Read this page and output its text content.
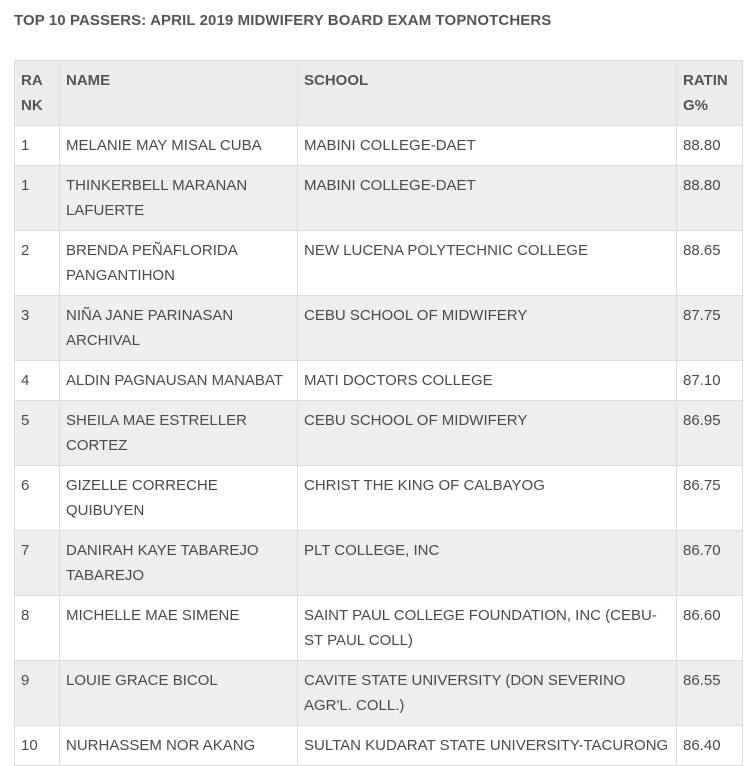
TOP 10 PASSERS: APRIL 2019 MIDWIFERY BOARD EXAM TOPNOTCHERS
RANK	NAME	SCHOOL	RATING%
1	MELANIE MAY MISAL CUBA	MABINI COLLEGE-DAET	88.80
1	THINKERBELL MARANAN LAFUERTE	MABINI COLLEGE-DAET	88.80
2	BRENDA PEÑAFLORIDA PANGANTIHON	NEW LUCENA POLYTECHNIC COLLEGE	88.65
3	NIÑA JANE PARINASAN ARCHIVAL	CEBU SCHOOL OF MIDWIFERY	87.75
4	ALDIN PAGNAUSAN MANABAT	MATI DOCTORS COLLEGE	87.10
5	SHEILA MAE ESTRELLER CORTEZ	CEBU SCHOOL OF MIDWIFERY	86.95
6	GIZELLE CORRECHE QUIBUYEN	CHRIST THE KING OF CALBAYOG	86.75
7	DANIRAH KAYE TABAREJO TABAREJO	PLT COLLEGE, INC	86.70
8	MICHELLE MAE SIMENE	SAINT PAUL COLLEGE FOUNDATION, INC (CEBU-ST PAUL COLL)	86.60
9	LOUIE GRACE BICOL	CAVITE STATE UNIVERSITY (DON SEVERINO AGR'L. COLL.)	86.55
10	NURHASSEM NOR AKANG	SULTAN KUDARAT STATE UNIVERSITY-TACURONG	86.40
